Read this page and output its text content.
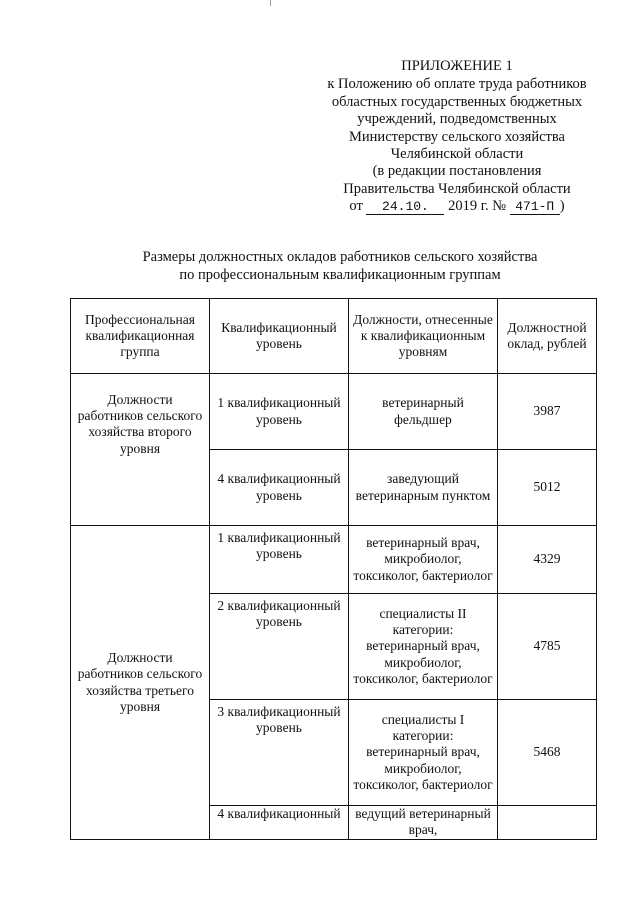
ПРИЛОЖЕНИЕ 1
к Положению об оплате труда работников
областных государственных бюджетных
учреждений, подведомственных
Министерству сельского хозяйства
Челябинской области
(в редакции постановления
Правительства Челябинской области
от 24.10. 2019 г. № 471-П )
Размеры должностных окладов работников сельского хозяйства
по профессиональным квалификационным группам
Профессиональная квалификационная группа	Квалификационный уровень	Должности, отнесенные к квалификационным уровням	Должностной оклад, рублей
Должности работников сельского хозяйства второго уровня	1 квалификационный уровень	ветеринарный фельдшер	3987
	4 квалификационный уровень	заведующий ветеринарным пунктом	5012
Должности работников сельского хозяйства третьего уровня	1 квалификационный уровень	ветеринарный врач, микробиолог, токсиколог, бактериолог	4329
	2 квалификационный уровень	специалисты II категории: ветеринарный врач, микробиолог, токсиколог, бактериолог	4785
	3 квалификационный уровень	специалисты I категории: ветеринарный врач, микробиолог, токсиколог, бактериолог	5468
	4 квалификационный	ведущий ветеринарный врач,	
